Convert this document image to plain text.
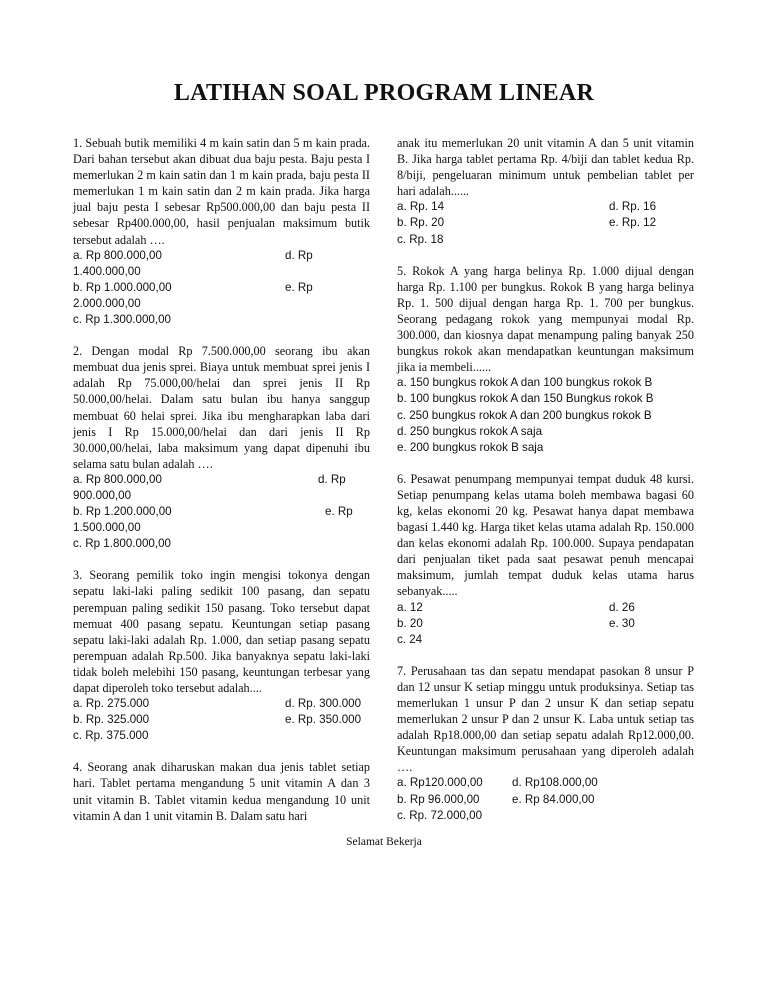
LATIHAN SOAL PROGRAM LINEAR
1. Sebuah butik memiliki 4 m kain satin dan 5 m kain prada. Dari bahan tersebut akan dibuat dua baju pesta. Baju pesta I memerlukan 2 m kain satin dan 1 m kain prada, baju pesta II memerlukan 1 m kain satin dan 2 m kain prada. Jika harga jual baju pesta I sebesar Rp500.000,00 dan baju pesta II sebesar Rp400.000,00, hasil penjualan maksimum butik tersebut adalah ….
a. Rp 800.000,00	d. Rp
1.400.000,00
b. Rp 1.000.000,00	e. Rp
2.000.000,00
c. Rp 1.300.000,00
2. Dengan modal Rp 7.500.000,00 seorang ibu akan membuat dua jenis sprei. Biaya untuk membuat sprei jenis I adalah Rp 75.000,00/helai dan sprei jenis II Rp 50.000,00/helai. Dalam satu bulan ibu hanya sanggup membuat 60 helai sprei. Jika ibu mengharapkan laba dari jenis I Rp 15.000,00/helai dan dari jenis II Rp 30.000,00/helai, laba maksimum yang dapat dipenuhi ibu selama satu bulan adalah ….
a. Rp 800.000,00	d. Rp
900.000,00
b. Rp 1.200.000,00	e. Rp
1.500.000,00
c. Rp 1.800.000,00
3. Seorang pemilik toko ingin mengisi tokonya dengan sepatu laki-laki paling sedikit 100 pasang, dan sepatu perempuan paling sedikit 150 pasang. Toko tersebut dapat memuat 400 pasang sepatu. Keuntungan setiap pasang sepatu laki-laki adalah Rp. 1.000, dan setiap pasang sepatu perempuan adalah Rp.500. Jika banyaknya sepatu laki-laki tidak boleh melebihi 150 pasang, keuntungan terbesar yang dapat diperoleh toko tersebut adalah....
a. Rp. 275.000	d. Rp. 300.000
b. Rp. 325.000	e. Rp. 350.000
c. Rp. 375.000
4. Seorang anak diharuskan makan dua jenis tablet setiap hari. Tablet pertama mengandung 5 unit vitamin A dan 3 unit vitamin B. Tablet vitamin kedua mengandung 10 unit vitamin A dan 1 unit vitamin B. Dalam satu hari
anak itu memerlukan 20 unit vitamin A dan 5 unit vitamin B. Jika harga tablet pertama Rp. 4/biji dan tablet kedua Rp. 8/biji, pengeluaran minimum untuk pembelian tablet per hari adalah......
a. Rp. 14	d. Rp. 16
b. Rp. 20	e. Rp. 12
c. Rp. 18
5. Rokok A yang harga belinya Rp. 1.000 dijual dengan harga Rp. 1.100 per bungkus. Rokok B yang harga belinya Rp. 1. 500 dijual dengan harga Rp. 1. 700 per bungkus. Seorang pedagang rokok yang mempunyai modal Rp. 300.000, dan kiosnya dapat menampung paling banyak 250 bungkus rokok akan mendapatkan keuntungan maksimum jika ia membeli......
a. 150 bungkus rokok A dan 100 bungkus rokok B
b. 100 bungkus rokok A dan 150 Bungkus rokok B
c. 250 bungkus rokok A dan 200 bungkus rokok B
d. 250 bungkus rokok A saja
e. 200 bungkus rokok B saja
6. Pesawat penumpang mempunyai tempat duduk 48 kursi. Setiap penumpang kelas utama boleh membawa bagasi 60 kg, kelas ekonomi 20 kg. Pesawat hanya dapat membawa bagasi 1.440 kg. Harga tiket kelas utama adalah Rp. 150.000 dan kelas ekonomi adalah Rp. 100.000. Supaya pendapatan dari penjualan tiket pada saat pesawat penuh mencapai maksimum, jumlah tempat duduk kelas utama harus sebanyak.....
a. 12	d. 26
b. 20	e. 30
c. 24
7. Perusahaan tas dan sepatu mendapat pasokan 8 unsur P dan 12 unsur K setiap minggu untuk produksinya. Setiap tas memerlukan 1 unsur P dan 2 unsur K dan setiap sepatu memerlukan 2 unsur P dan 2 unsur K. Laba untuk setiap tas adalah Rp18.000,00 dan setiap sepatu adalah Rp12.000,00. Keuntungan maksimum perusahaan yang diperoleh adalah ….
a. Rp120.000,00	d. Rp108.000,00
b. Rp 96.000,00	e. Rp 84.000,00
c. Rp. 72.000,00
Selamat Bekerja
